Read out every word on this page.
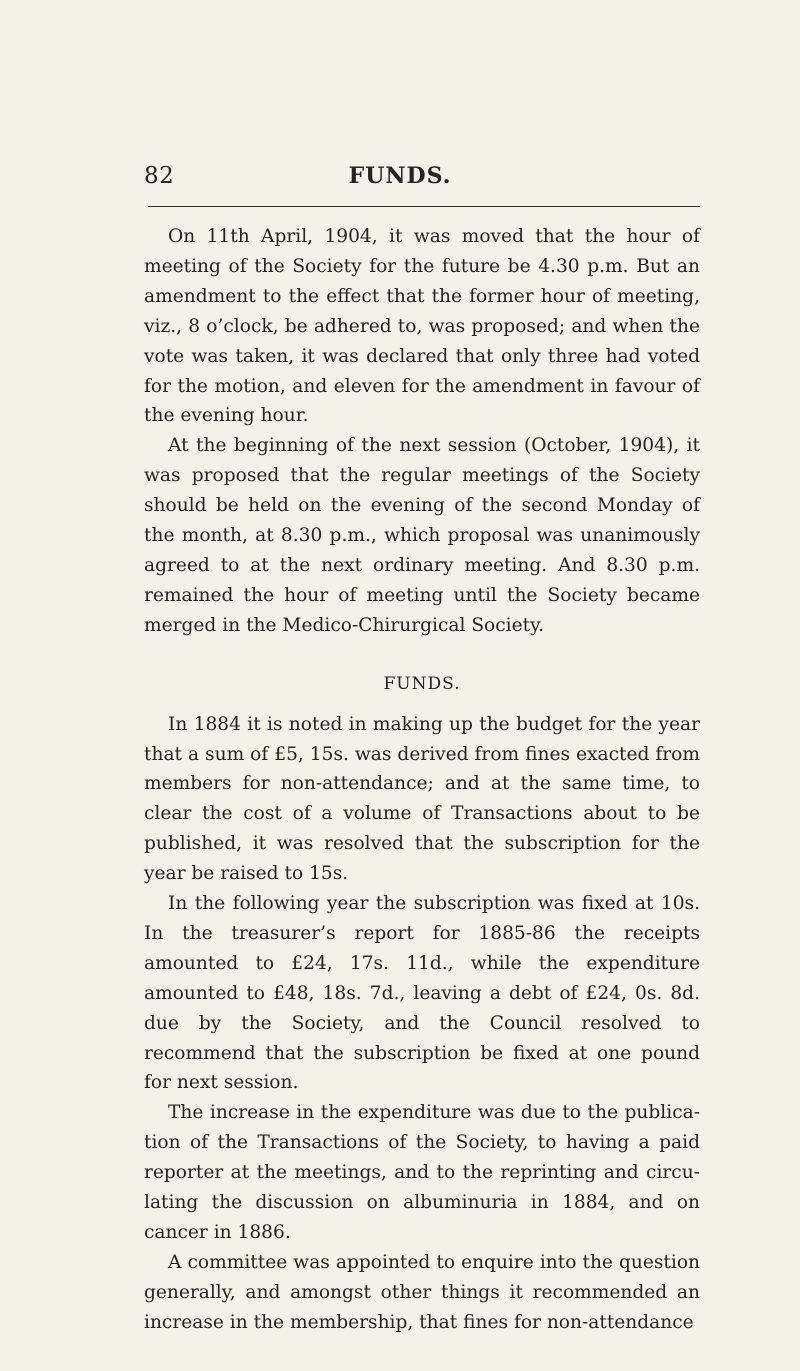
82	FUNDS.

On 11th April, 1904, it was moved that the hour of meeting of the Society for the future be 4.30 p.m. But an amendment to the effect that the former hour of meeting, viz., 8 o’clock, be adhered to, was proposed; and when the vote was taken, it was declared that only three had voted for the motion, and eleven for the amendment in favour of the evening hour.

At the beginning of the next session (October, 1904), it was proposed that the regular meetings of the Society should be held on the evening of the second Monday of the month, at 8.30 p.m., which proposal was unanimously agreed to at the next ordinary meeting. And 8.30 p.m. remained the hour of meeting until the Society became merged in the Medico-Chirurgical Society.

FUNDS.

In 1884 it is noted in making up the budget for the year that a sum of £5, 15s. was derived from fines exacted from members for non-attendance; and at the same time, to clear the cost of a volume of Transactions about to be published, it was resolved that the subscription for the year be raised to 15s.

In the following year the subscription was fixed at 10s. In the treasurer’s report for 1885-86 the receipts amounted to £24, 17s. 11d., while the expenditure amounted to £48, 18s. 7d., leaving a debt of £24, 0s. 8d. due by the Society, and the Council resolved to recommend that the subscription be fixed at one pound for next session.

The increase in the expenditure was due to the publication of the Transactions of the Society, to having a paid reporter at the meetings, and to the reprinting and circulating the discussion on albuminuria in 1884, and on cancer in 1886.

A committee was appointed to enquire into the question generally, and amongst other things it recommended an increase in the membership, that fines for non-attendance
